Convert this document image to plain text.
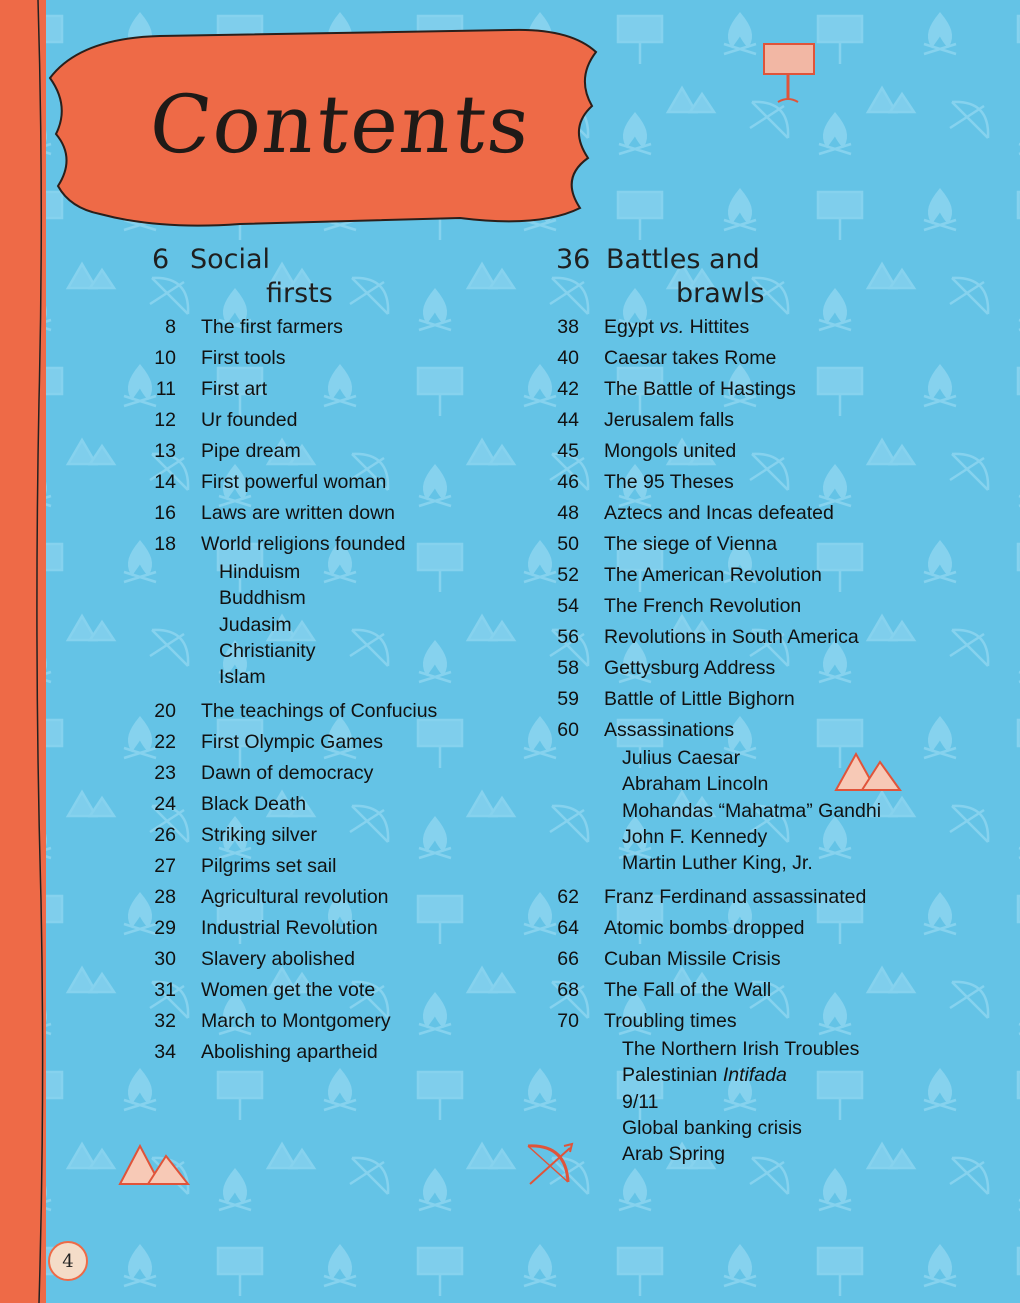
Contents
6 Social
firsts
36 Battles and
brawls
8 The first farmers
10 First tools
11 First art
12 Ur founded
13 Pipe dream
14 First powerful woman
16 Laws are written down
18 World religions founded
Hinduism
Buddhism
Judasim
Christianity
Islam
20 The teachings of Confucius
22 First Olympic Games
23 Dawn of democracy
24 Black Death
26 Striking silver
27 Pilgrims set sail
28 Agricultural revolution
29 Industrial Revolution
30 Slavery abolished
31 Women get the vote
32 March to Montgomery
34 Abolishing apartheid
38 Egypt vs. Hittites
40 Caesar takes Rome
42 The Battle of Hastings
44 Jerusalem falls
45 Mongols united
46 The 95 Theses
48 Aztecs and Incas defeated
50 The siege of Vienna
52 The American Revolution
54 The French Revolution
56 Revolutions in South America
58 Gettysburg Address
59 Battle of Little Bighorn
60 Assassinations
Julius Caesar
Abraham Lincoln
Mohandas “Mahatma” Gandhi
John F. Kennedy
Martin Luther King, Jr.
62 Franz Ferdinand assassinated
64 Atomic bombs dropped
66 Cuban Missile Crisis
68 The Fall of the Wall
70 Troubling times
The Northern Irish Troubles
Palestinian Intifada
9/11
Global banking crisis
Arab Spring
4
